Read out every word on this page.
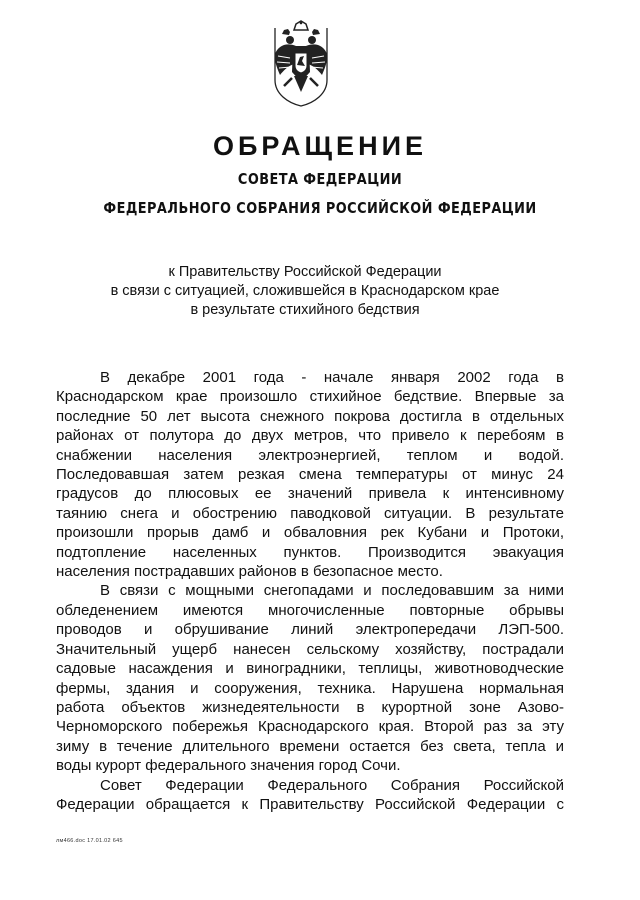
ОБРАЩЕНИЕ
СОВЕТА ФЕДЕРАЦИИ
ФЕДЕРАЛЬНОГО СОБРАНИЯ РОССИЙСКОЙ ФЕДЕРАЦИИ
к Правительству Российской Федерации
в связи с ситуацией, сложившейся в Краснодарском крае
в результате стихийного бедствия

В декабре 2001 года - начале января 2002 года в

Краснодарском крае произошло стихийное бедствие. Впервые за

последние 50 лет высота снежного покрова достигла в отдельных

районах от полутора до двух метров, что привело к перебоям в

снабжении населения электроэнергией, теплом и водой.

Последовавшая затем резкая смена температуры от минус 24

градусов до плюсовых ее значений привела к интенсивному

таянию снега и обострению паводковой ситуации. В результате

произошли прорыв дамб и обваловния рек Кубани и Протоки,

подтопление населенных пунктов. Производится эвакуация

населения пострадавших районов в безопасное место.

В связи с мощными снегопадами и последовавшим за ними

обледенением имеются многочисленные повторные обрывы

проводов и обрушивание линий электропередачи ЛЭП-500.

Значительный ущерб нанесен сельскому хозяйству, пострадали

садовые насаждения и виноградники, теплицы, животноводческие

фермы, здания и сооружения, техника. Нарушена нормальная

работа объектов жизнедеятельности в курортной зоне Азово-

Черноморского побережья Краснодарского края. Второй раз за эту

зиму в течение длительного времени остается без света, тепла и

воды курорт федерального значения город Сочи.

Совет Федерации Федерального Собрания Российской

Федерации обращается к Правительству Российской Федерации с

лм466.doc 17.01.02 645
